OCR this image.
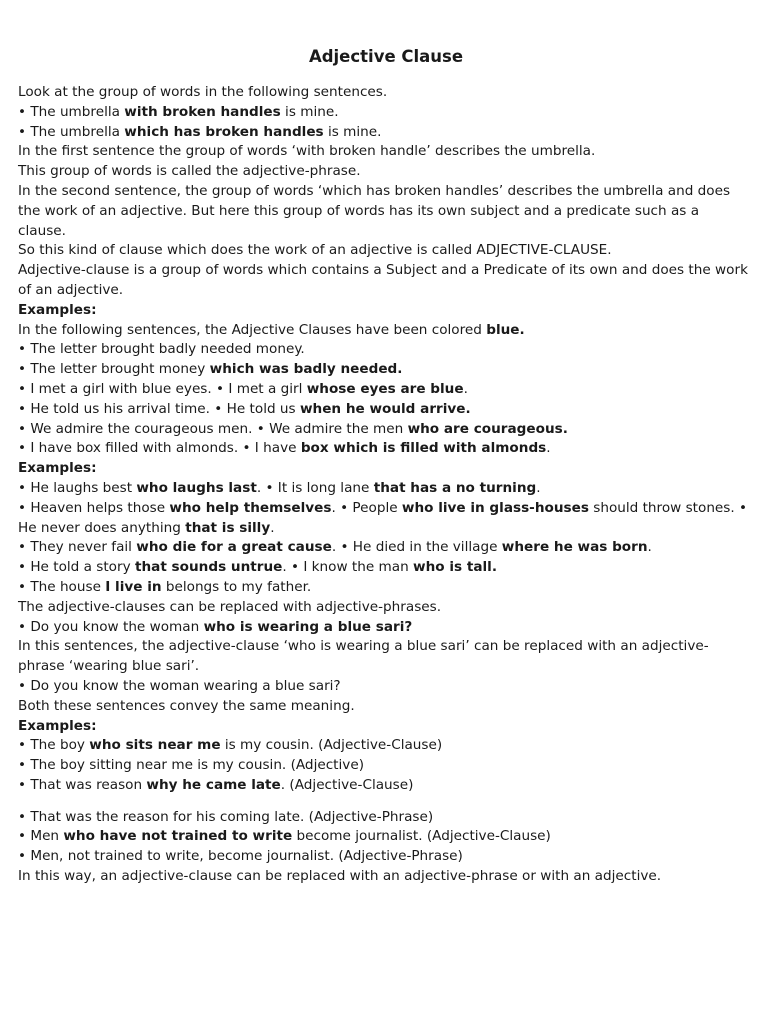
Adjective Clause
Look at the group of words in the following sentences.
• The umbrella with broken handles is mine.
• The umbrella which has broken handles is mine.
In the first sentence the group of words ‘with broken handle’ describes the umbrella.
This group of words is called the adjective-phrase.
In the second sentence, the group of words ‘which has broken handles’ describes the umbrella and does the work of an adjective. But here this group of words has its own subject and a predicate such as a clause.
So this kind of clause which does the work of an adjective is called ADJECTIVE-CLAUSE.
Adjective-clause is a group of words which contains a Subject and a Predicate of its own and does the work of an adjective.
Examples:
In the following sentences, the Adjective Clauses have been colored blue.
• The letter brought badly needed money.
• The letter brought money which was badly needed.
• I met a girl with blue eyes. • I met a girl whose eyes are blue.
• He told us his arrival time. • He told us when he would arrive.
• We admire the courageous men. • We admire the men who are courageous.
• I have box filled with almonds. • I have box which is filled with almonds.
Examples:
• He laughs best who laughs last. • It is long lane that has a no turning.
• Heaven helps those who help themselves. • People who live in glass-houses should throw stones. • He never does anything that is silly.
• They never fail who die for a great cause. • He died in the village where he was born.
• He told a story that sounds untrue. • I know the man who is tall.
• The house I live in belongs to my father.
The adjective-clauses can be replaced with adjective-phrases.
• Do you know the woman who is wearing a blue sari?
In this sentences, the adjective-clause ‘who is wearing a blue sari’ can be replaced with an adjective-phrase ‘wearing blue sari’.
• Do you know the woman wearing a blue sari?
Both these sentences convey the same meaning.
Examples:
• The boy who sits near me is my cousin. (Adjective-Clause)
• The boy sitting near me is my cousin. (Adjective)
• That was reason why he came late. (Adjective-Clause)
• That was the reason for his coming late. (Adjective-Phrase)
• Men who have not trained to write become journalist. (Adjective-Clause)
• Men, not trained to write, become journalist. (Adjective-Phrase)
In this way, an adjective-clause can be replaced with an adjective-phrase or with an adjective.
